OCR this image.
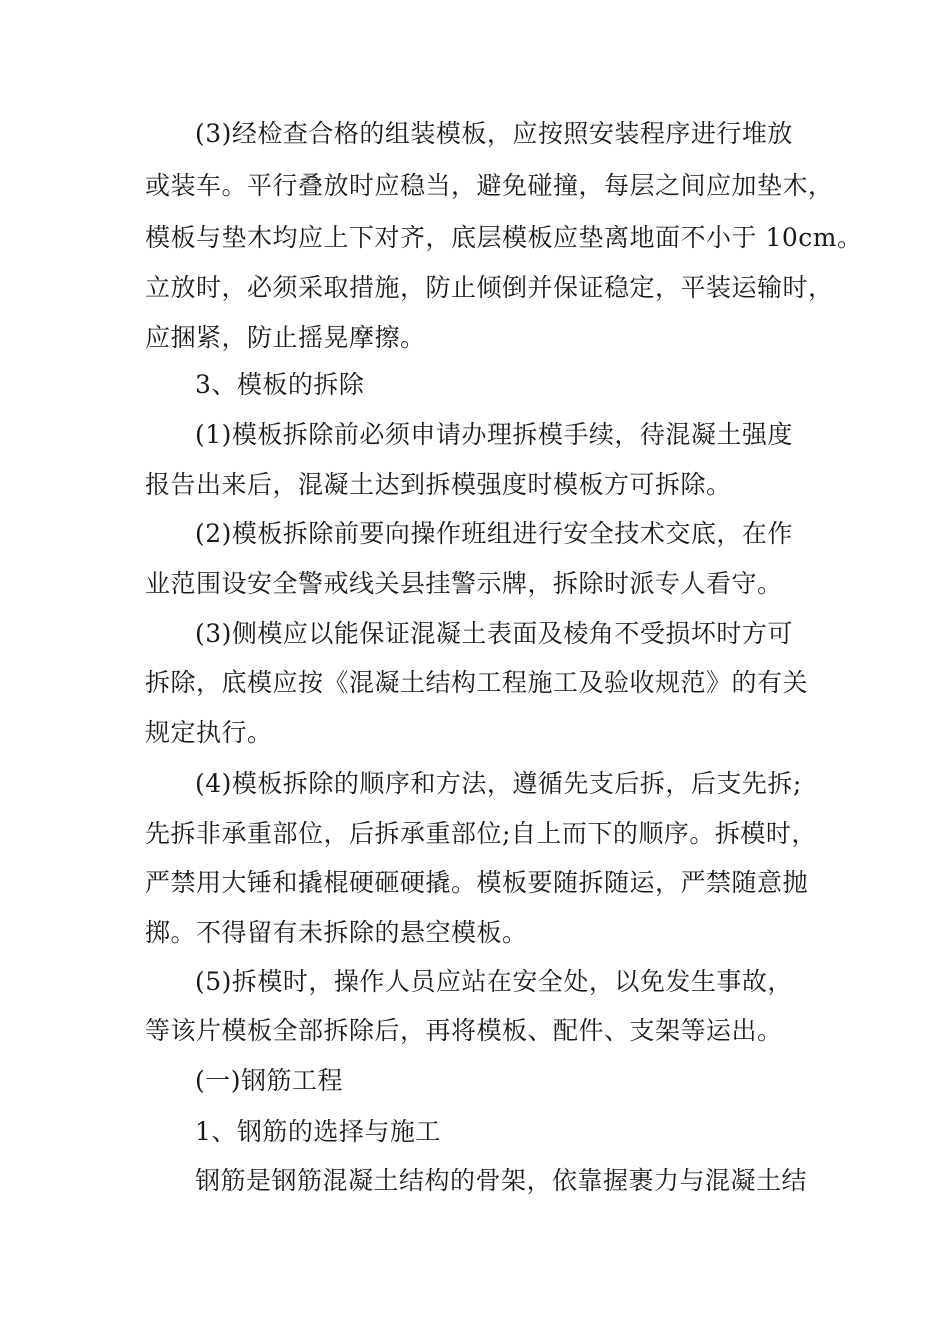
(3)经检查合格的组装模板，应按照安装程序进行堆放
或装车。平行叠放时应稳当，避免碰撞，每层之间应加垫木，
模板与垫木均应上下对齐，底层模板应垫离地面不小于 10cm。
立放时，必须采取措施，防止倾倒并保证稳定，平装运输时，
应捆紧，防止摇晃摩擦。
3、模板的拆除
(1)模板拆除前必须申请办理拆模手续，待混凝土强度
报告出来后，混凝土达到拆模强度时模板方可拆除。
(2)模板拆除前要向操作班组进行安全技术交底，在作
业范围设安全警戒线关县挂警示牌，拆除时派专人看守。
(3)侧模应以能保证混凝土表面及棱角不受损坏时方可
拆除，底模应按《混凝土结构工程施工及验收规范》的有关
规定执行。
(4)模板拆除的顺序和方法，遵循先支后拆，后支先拆;
先拆非承重部位，后拆承重部位;自上而下的顺序。拆模时，
严禁用大锤和撬棍硬砸硬撬。模板要随拆随运，严禁随意抛
掷。不得留有未拆除的悬空模板。
(5)拆模时，操作人员应站在安全处，以免发生事故，
等该片模板全部拆除后，再将模板、配件、支架等运出。
(一)钢筋工程
1、钢筋的选择与施工
钢筋是钢筋混凝土结构的骨架，依靠握裹力与混凝土结
